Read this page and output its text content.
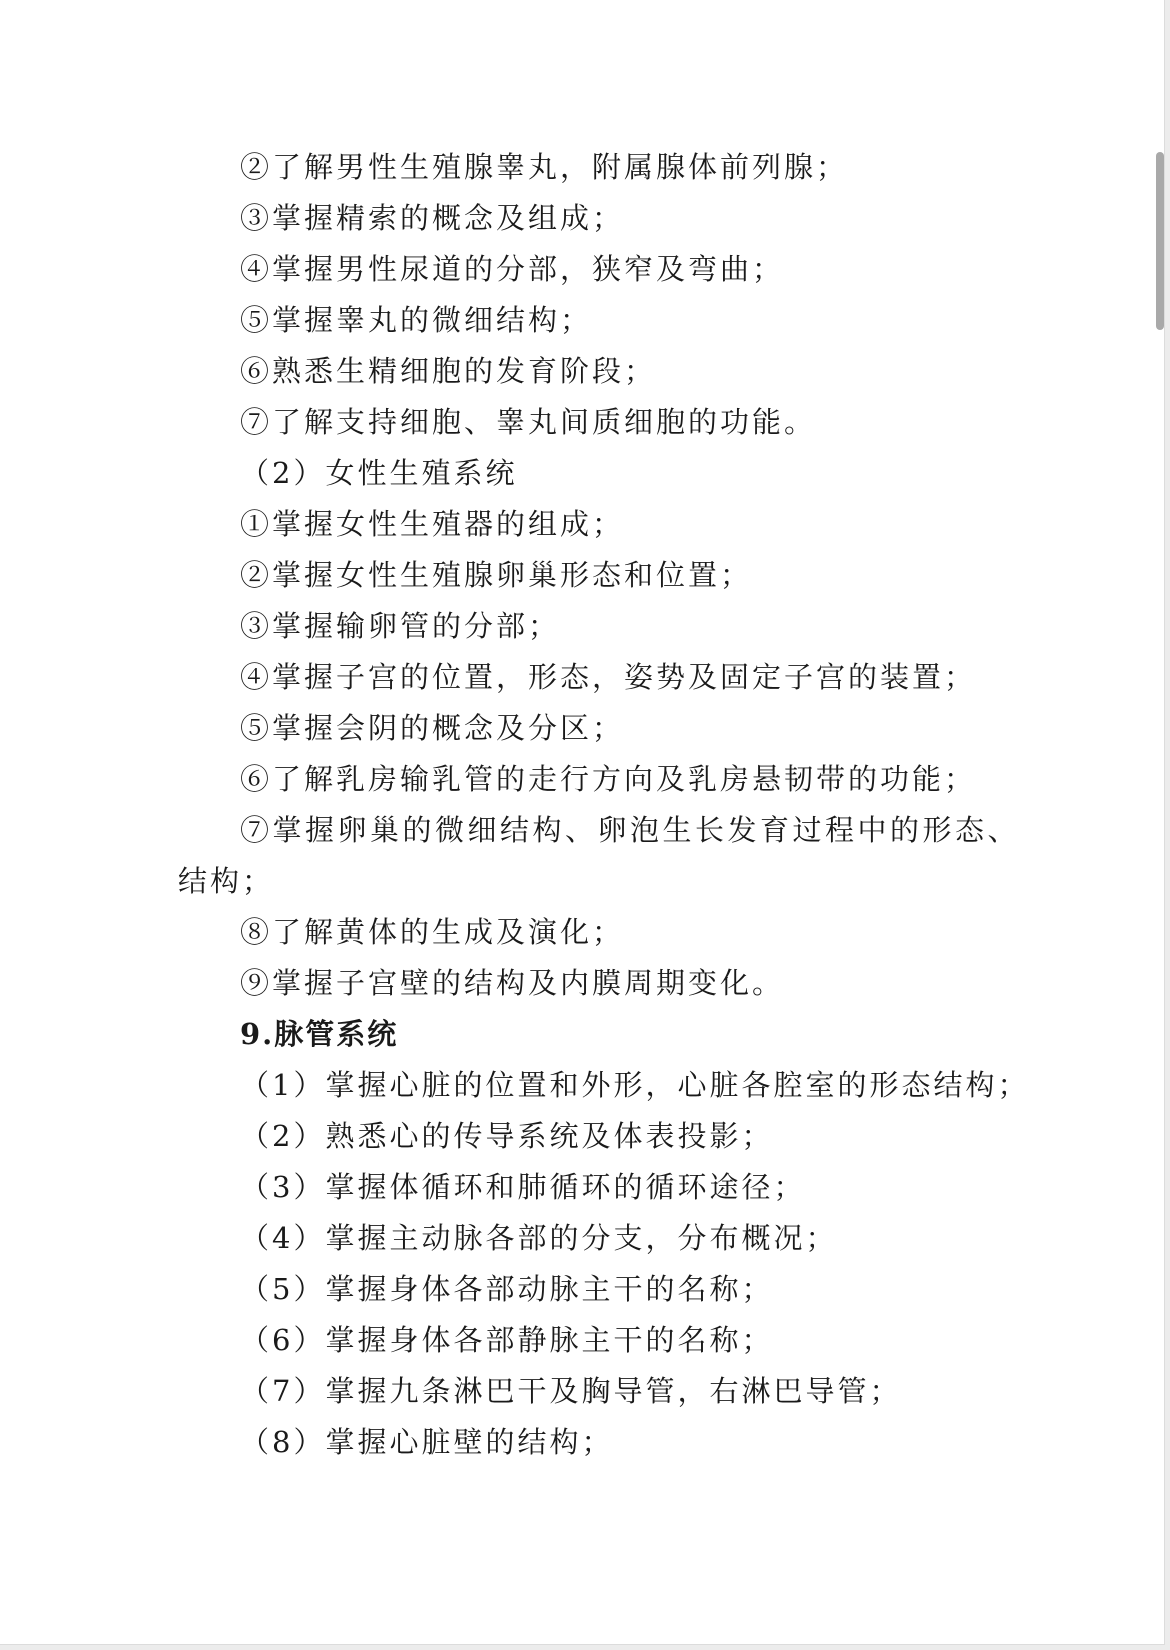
②了解男性生殖腺睾丸，附属腺体前列腺；
③掌握精索的概念及组成；
④掌握男性尿道的分部，狭窄及弯曲；
⑤掌握睾丸的微细结构；
⑥熟悉生精细胞的发育阶段；
⑦了解支持细胞、睾丸间质细胞的功能。
（2）女性生殖系统
①掌握女性生殖器的组成；
②掌握女性生殖腺卵巢形态和位置；
③掌握输卵管的分部；
④掌握子宫的位置，形态，姿势及固定子宫的装置；
⑤掌握会阴的概念及分区；
⑥了解乳房输乳管的走行方向及乳房悬韧带的功能；
⑦掌握卵巢的微细结构、卵泡生长发育过程中的形态、
结构；
⑧了解黄体的生成及演化；
⑨掌握子宫壁的结构及内膜周期变化。
9.脉管系统
（1）掌握心脏的位置和外形，心脏各腔室的形态结构；
（2）熟悉心的传导系统及体表投影；
（3）掌握体循环和肺循环的循环途径；
（4）掌握主动脉各部的分支，分布概况；
（5）掌握身体各部动脉主干的名称；
（6）掌握身体各部静脉主干的名称；
（7）掌握九条淋巴干及胸导管，右淋巴导管；
（8）掌握心脏壁的结构；
